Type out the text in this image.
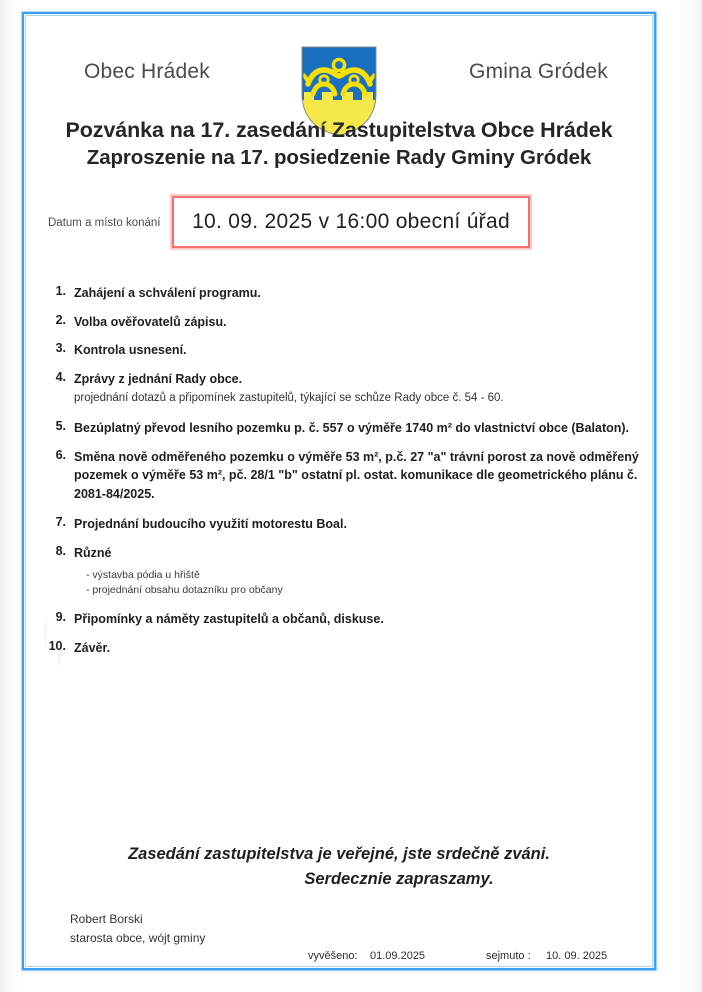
Obec Hrádek	Gmina Gródek
Pozvánka na 17. zasedání Zastupitelstva Obce Hrádek
Zaproszenie na 17. posiedzenie Rady Gminy Gródek
Datum a místo konání 10. 09. 2025 v 16:00 obecní úřad
1. Zahájení a schválení programu.
2. Volba ověřovatelů zápisu.
3. Kontrola usnesení.
4. Zprávy z jednání Rady obce.
projednání dotazů a připomínek zastupitelů, týkající se schůze Rady obce č. 54 - 60.
5. Bezúplatný převod lesního pozemku p. č. 557 o výměře 1740 m² do vlastnictví obce (Balaton).
6. Směna nově odměřeného pozemku o výměře 53 m², p.č. 27 "a" trávní porost za nově odměřený pozemek o výměře 53 m², pč. 28/1 "b" ostatní pl. ostat. komunikace dle geometrického plánu č. 2081-84/2025.
7. Projednání budoucího využití motorestu Boal.
8. Různé
- výstavba pódia u hřiště
- projednání obsahu dotazníku pro občany
9. Připomínky a náměty zastupitelů a občanů, diskuse.
10. Závěr.
Zasedání zastupitelstva je veřejné, jste srdečně zváni.
Serdecznie zapraszamy.
Robert Borski
starosta obce, wójt gminy
vyvěšeno: 01.09.2025	sejmuto : 10. 09. 2025
